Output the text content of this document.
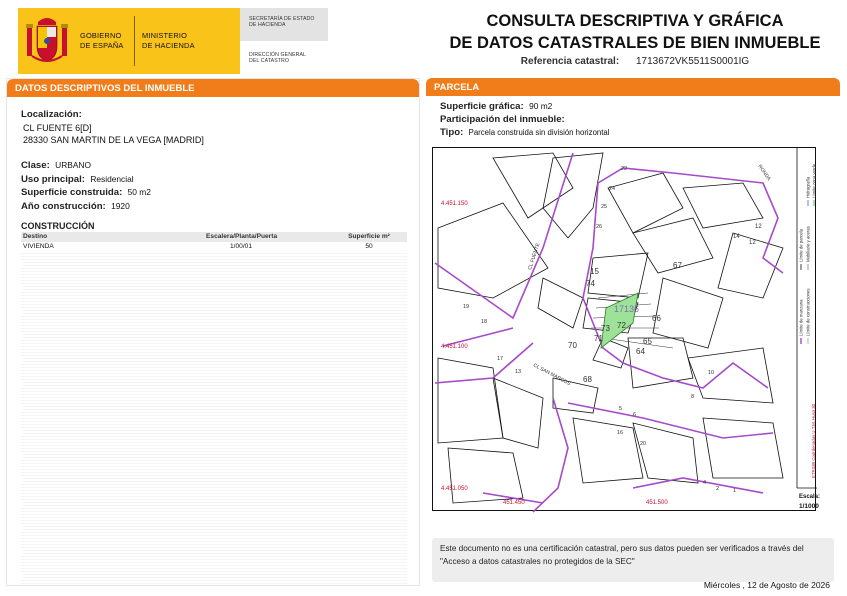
GOBIERNO
DE ESPAÑA
MINISTERIO
DE HACIENDA
SECRETARÍA DE ESTADO
DE HACIENDA
DIRECCIÓN GENERAL
DEL CATASTRO
CONSULTA DESCRIPTIVA Y GRÁFICA
DE DATOS CATASTRALES DE BIEN INMUEBLE
Referencia catastral: 1713672VK5511S0001IG
DATOS DESCRIPTIVOS DEL INMUEBLE
Localización:
CL FUENTE 6[D]
28330 SAN MARTIN DE LA VEGA [MADRID]
Clase: URBANO
Uso principal: Residencial
Superficie construida: 50 m2
Año construcción: 1920
CONSTRUCCIÓN
Destino	Escalera/Planta/Puerta	Superficie m²
VIVIENDA	1/00/01	50
PARCELA
Superficie gráfica: 90 m2
Participación del inmueble:
Tipo: Parcela construida sin división horizontal
CL FUENTE
CL SAN MARCOS
RONDA
4.451.150
4.451.100
4.451.050
451.450	451.500
15
74
73 72
71
70
68
67
66
65
64
17136
14
12
12
22
24
25
26
20
19
18
17
16
13	10
8
6
5
4
2	1
Límite de manzana
Límite de parcela
Límite de construcciones
Mobiliario y aceras
Límite zona verde
Hidrografía
ETRS89 Coordenadas U.T.M. Huso 30
Escala:
1/1000
Este documento no es una certificación catastral, pero sus datos pueden ser verificados a través del "Acceso a datos catastrales no protegidos de la SEC"
Miércoles , 12 de Agosto de 2026
